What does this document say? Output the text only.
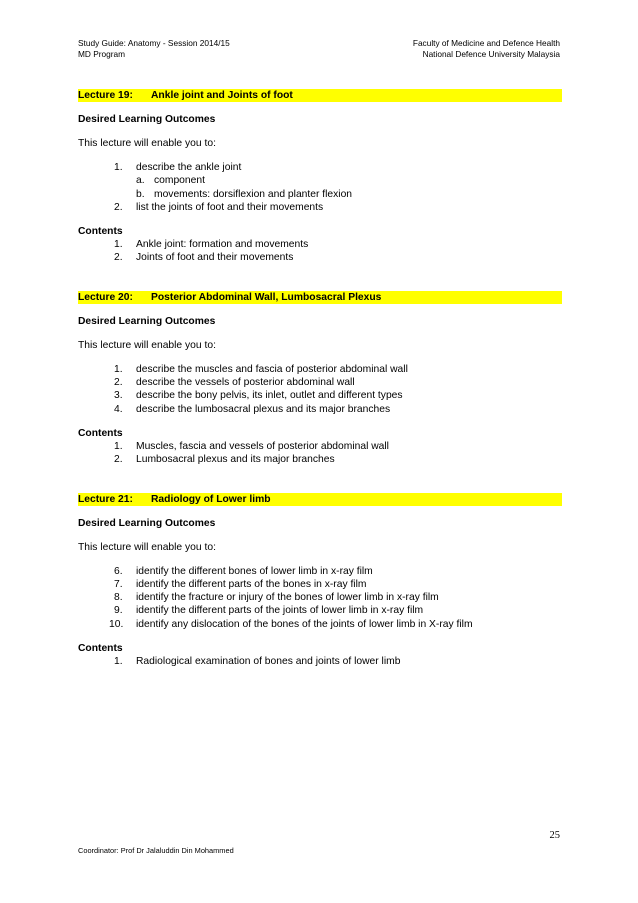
Study Guide: Anatomy - Session 2014/15
MD Program
Faculty of Medicine and Defence Health
National Defence University Malaysia
Lecture 19: Ankle joint and Joints of foot
Desired Learning Outcomes
This lecture will enable you to:
1.	describe the ankle joint
a. component
b. movements: dorsiflexion and planter flexion
2.	list the joints of foot and their movements
Contents
1.	Ankle joint: formation and movements
2.	Joints of foot and their movements
Lecture 20: Posterior Abdominal Wall, Lumbosacral Plexus
Desired Learning Outcomes
This lecture will enable you to:
1.	describe the muscles and fascia of posterior abdominal wall
2.	describe the vessels of posterior abdominal wall
3.	describe the bony pelvis, its inlet, outlet and different types
4.	describe the lumbosacral plexus and its major branches
Contents
1.	Muscles, fascia and vessels of posterior abdominal wall
2.	Lumbosacral plexus and its major branches
Lecture 21: Radiology of Lower limb
Desired Learning Outcomes
This lecture will enable you to:
6.	identify the different bones of lower limb in x-ray film
7.	identify the different parts of the bones in x-ray film
8.	identify the fracture or injury of the bones of lower limb in x-ray film
9.	identify the different parts of the joints of lower limb in x-ray film
10.	identify any dislocation of the bones of the joints of lower limb in X-ray film
Contents
1.	Radiological examination of bones and joints of lower limb
25
Coordinator: Prof Dr Jalaluddin Din Mohammed
